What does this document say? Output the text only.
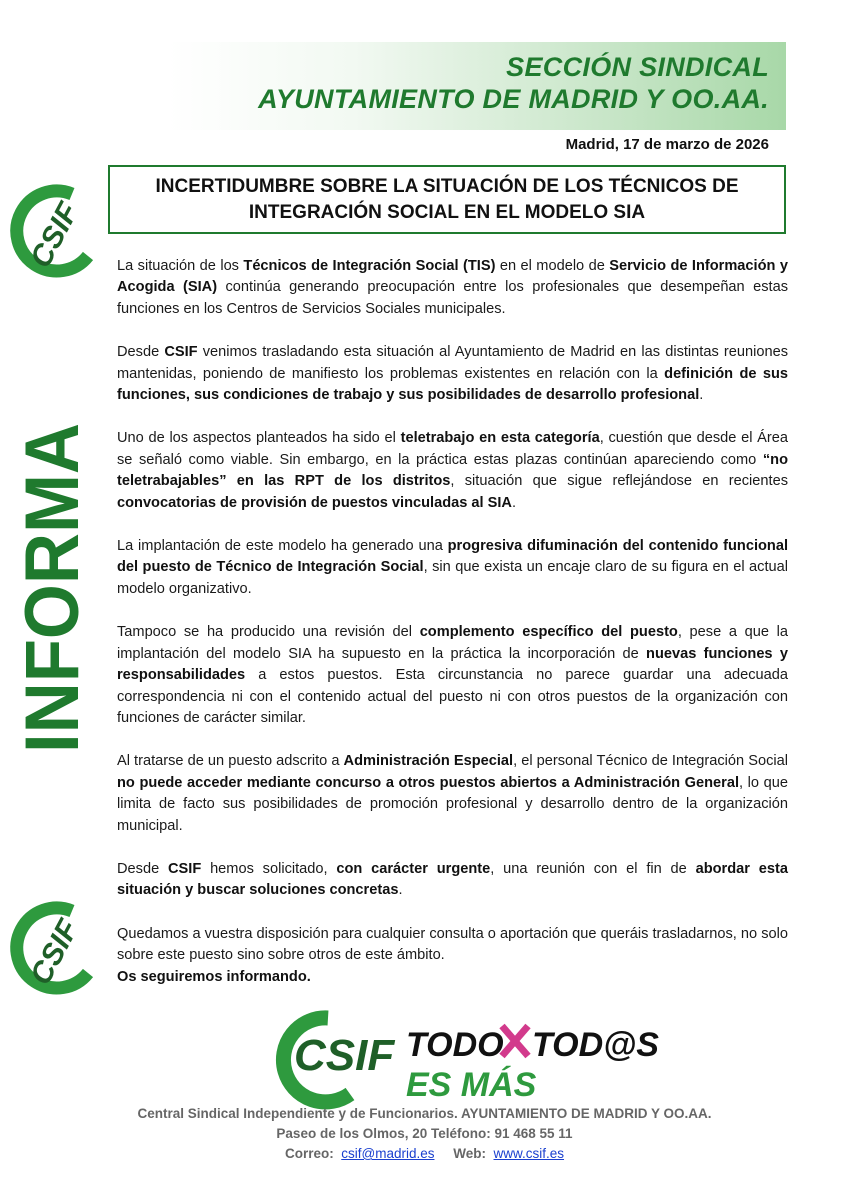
SECCIÓN SINDICAL

AYUNTAMIENTO DE MADRID Y OO.AA.

Madrid, 17 de marzo de 2026

INCERTIDUMBRE SOBRE LA SITUACIÓN DE LOS TÉCNICOS DE

INTEGRACIÓN SOCIAL EN EL MODELO SIA

CSIF
INFORMA
CSIF

La situación de los Técnicos de Integración Social (TIS) en el modelo de Servicio de Información y Acogida (SIA) continúa generando preocupación entre los profesionales que desempeñan estas funciones en los Centros de Servicios Sociales municipales.

Desde CSIF venimos trasladando esta situación al Ayuntamiento de Madrid en las distintas reuniones mantenidas, poniendo de manifiesto los problemas existentes en relación con la definición de sus funciones, sus condiciones de trabajo y sus posibilidades de desarrollo profesional.

Uno de los aspectos planteados ha sido el teletrabajo en esta categoría, cuestión que desde el Área se señaló como viable. Sin embargo, en la práctica estas plazas continúan apareciendo como “no teletrabajables” en las RPT de los distritos, situación que sigue reflejándose en recientes convocatorias de provisión de puestos vinculadas al SIA.

La implantación de este modelo ha generado una progresiva difuminación del contenido funcional del puesto de Técnico de Integración Social, sin que exista un encaje claro de su figura en el actual modelo organizativo.

Tampoco se ha producido una revisión del complemento específico del puesto, pese a que la implantación del modelo SIA ha supuesto en la práctica la incorporación de nuevas funciones y responsabilidades a estos puestos. Esta circunstancia no parece guardar una adecuada correspondencia ni con el contenido actual del puesto ni con otros puestos de la organización con funciones de carácter similar.

Al tratarse de un puesto adscrito a Administración Especial, el personal Técnico de Integración Social no puede acceder mediante concurso a otros puestos abiertos a Administración General, lo que limita de facto sus posibilidades de promoción profesional y desarrollo dentro de la organización municipal.

Desde CSIF hemos solicitado, con carácter urgente, una reunión con el fin de abordar esta situación y buscar soluciones concretas.

Quedamos a vuestra disposición para cualquier consulta o aportación que queráis trasladarnos, no solo sobre este puesto sino sobre otros de este ámbito.
Os seguiremos informando.

CSIF TODO TOD@S
ES MÁS

Central Sindical Independiente y de Funcionarios. AYUNTAMIENTO DE MADRID Y OO.AA.

Paseo de los Olmos, 20 Teléfono: 91 468 55 11

Correo: csif@madrid.es Web: www.csif.es
